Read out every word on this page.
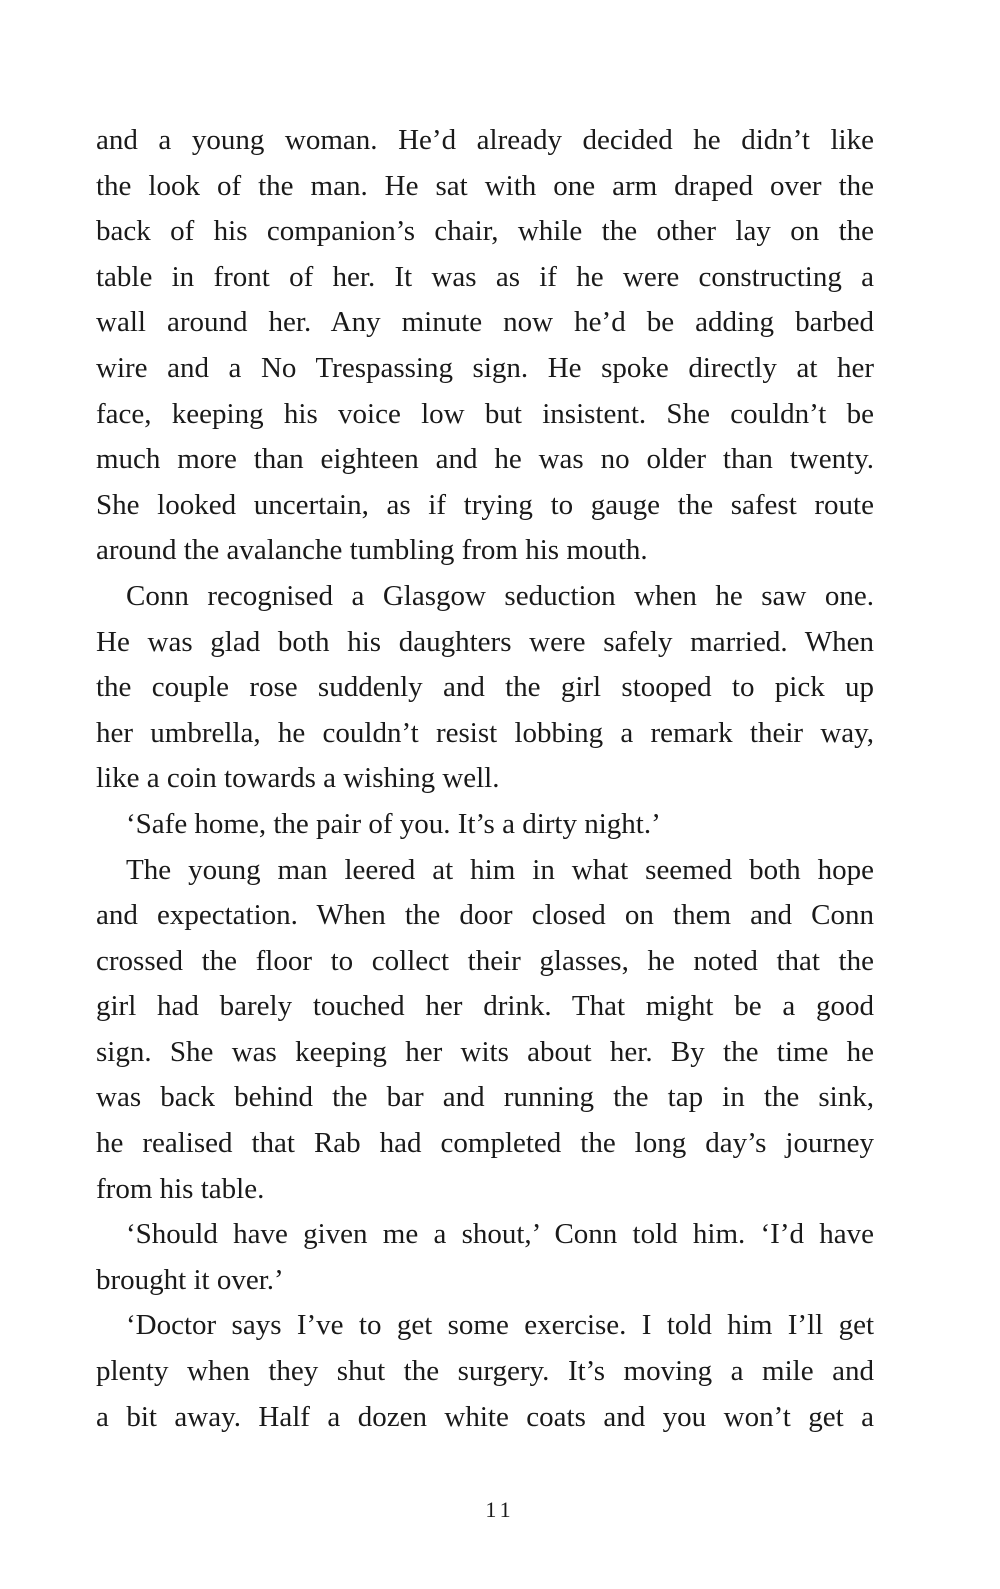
and a young woman. He’d already decided he didn’t like
the look of the man. He sat with one arm draped over the
back of his companion’s chair, while the other lay on the
table in front of her. It was as if he were constructing a
wall around her. Any minute now he’d be adding barbed
wire and a No Trespassing sign. He spoke directly at her
face, keeping his voice low but insistent. She couldn’t be
much more than eighteen and he was no older than twenty.
She looked uncertain, as if trying to gauge the safest route
around the avalanche tumbling from his mouth.
Conn recognised a Glasgow seduction when he saw one.
He was glad both his daughters were safely married. When
the couple rose suddenly and the girl stooped to pick up
her umbrella, he couldn’t resist lobbing a remark their way,
like a coin towards a wishing well.
‘Safe home, the pair of you. It’s a dirty night.’
The young man leered at him in what seemed both hope
and expectation. When the door closed on them and Conn
crossed the floor to collect their glasses, he noted that the
girl had barely touched her drink. That might be a good
sign. She was keeping her wits about her. By the time he
was back behind the bar and running the tap in the sink,
he realised that Rab had completed the long day’s journey
from his table.
‘Should have given me a shout,’ Conn told him. ‘I’d have
brought it over.’
‘Doctor says I’ve to get some exercise. I told him I’ll get
plenty when they shut the surgery. It’s moving a mile and
a bit away. Half a dozen white coats and you won’t get a
11
